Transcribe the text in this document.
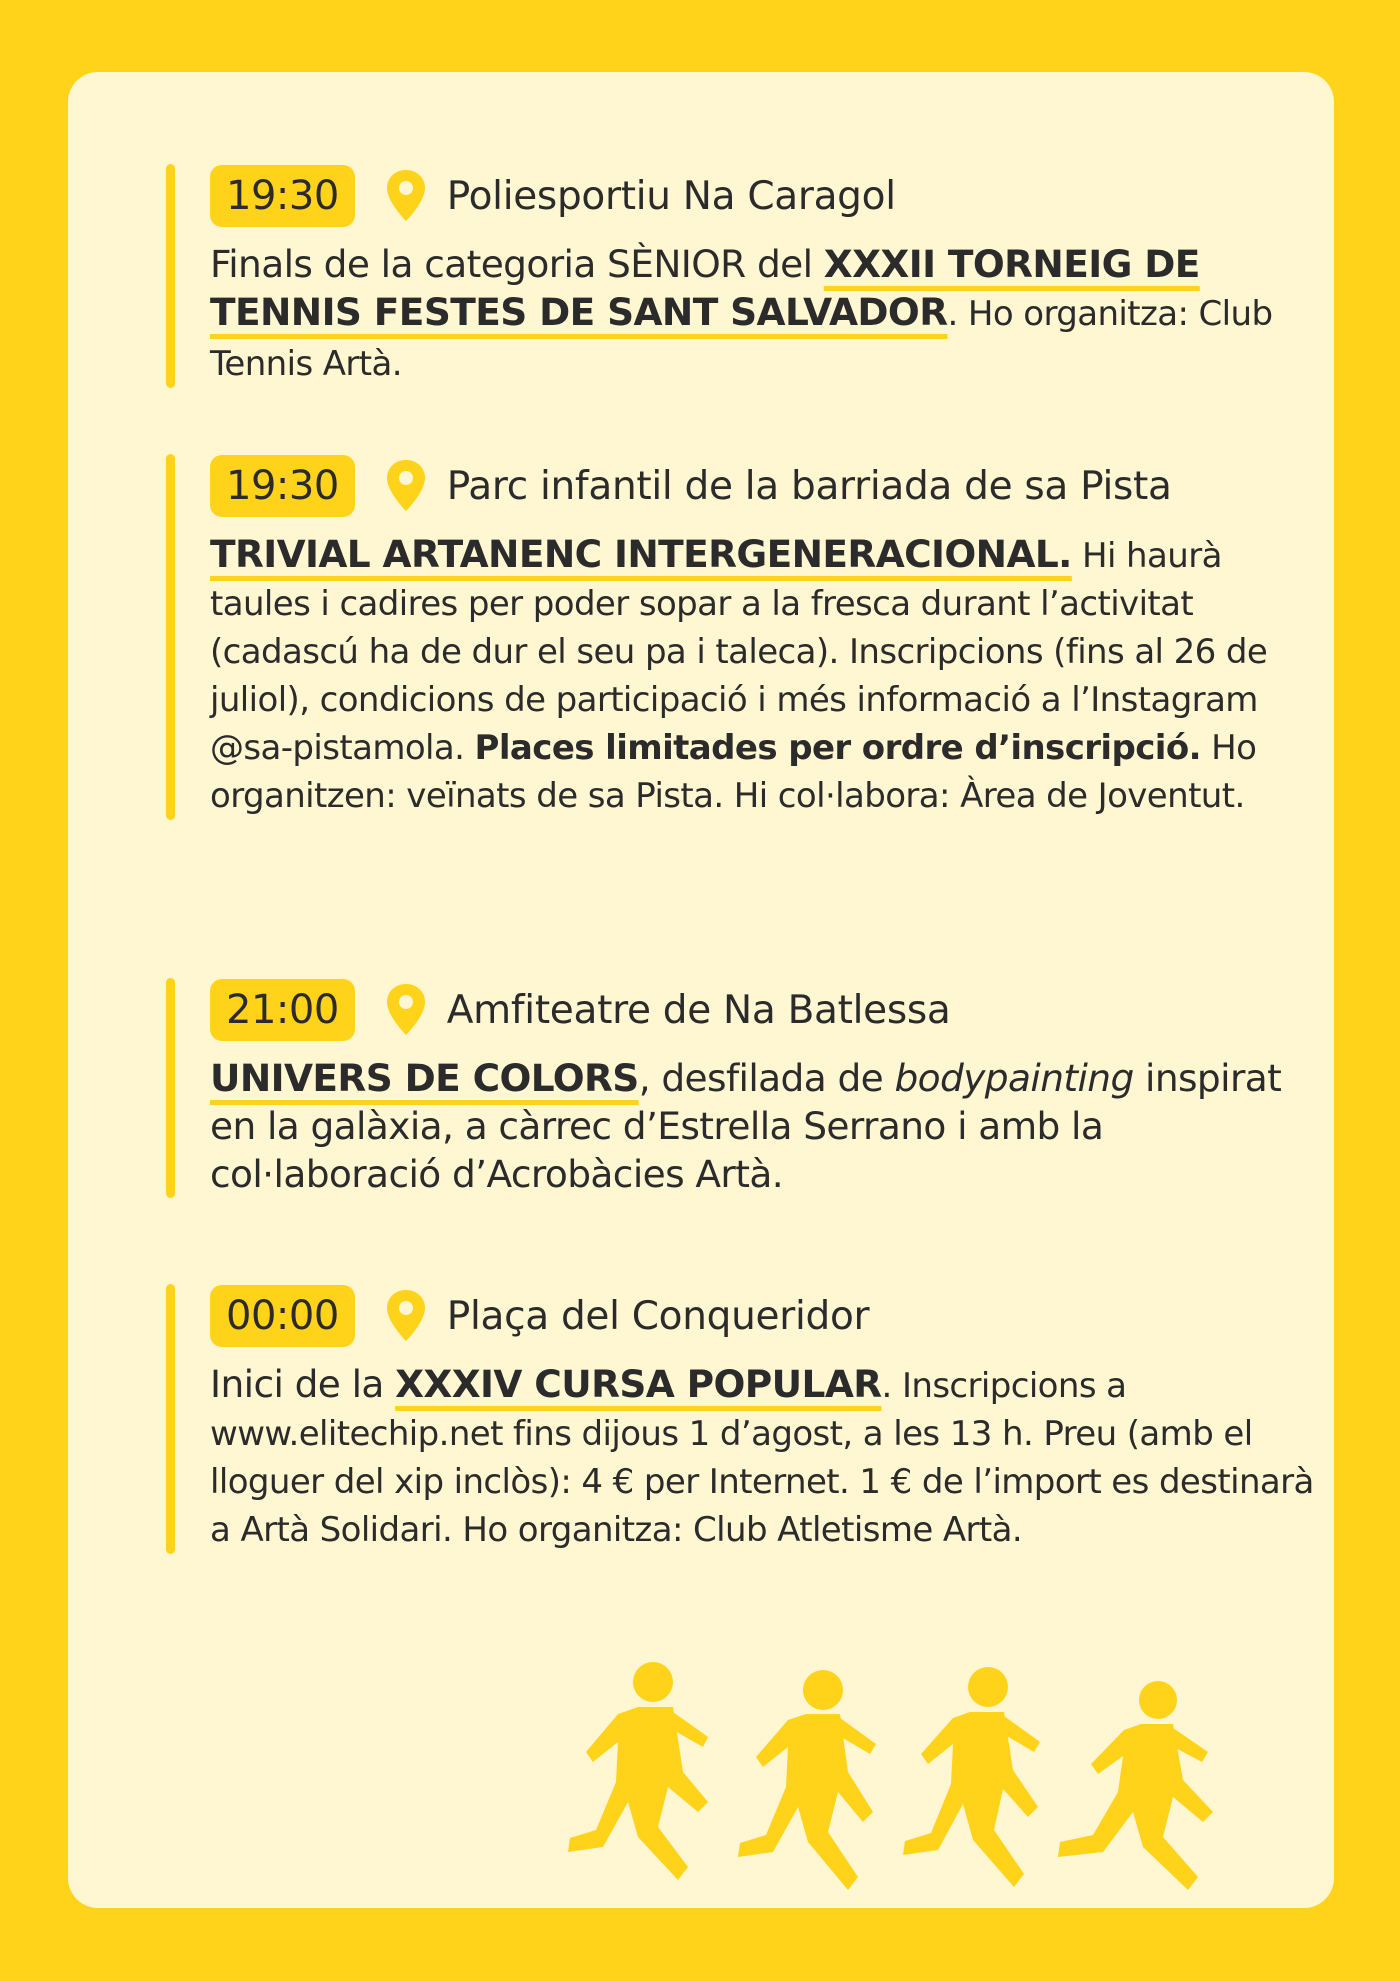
19:30	Poliesportiu Na Caragol
Finals de la categoria SÈNIOR del XXXII TORNEIG DE TENNIS FESTES DE SANT SALVADOR. Ho organitza: Club Tennis Artà.
19:30	Parc infantil de la barriada de sa Pista
TRIVIAL ARTANENC INTERGENERACIONAL. Hi haurà taules i cadires per poder sopar a la fresca durant l’activitat (cadascú ha de dur el seu pa i taleca). Inscripcions (fins al 26 de juliol), condicions de participació i més informació a l’Instagram @sa-pistamola. Places limitades per ordre d’inscripció. Ho organitzen: veïnats de sa Pista. Hi col·labora: Àrea de Joventut.
21:00	Amfiteatre de Na Batlessa
UNIVERS DE COLORS, desfilada de bodypainting inspirat en la galàxia, a càrrec d’Estrella Serrano i amb la col·laboració d’Acrobàcies Artà.
00:00	Plaça del Conqueridor
Inici de la XXXIV CURSA POPULAR. Inscripcions a www.elitechip.net fins dijous 1 d’agost, a les 13 h. Preu (amb el lloguer del xip inclòs): 4 € per Internet. 1 € de l’import es destinarà a Artà Solidari. Ho organitza: Club Atletisme Artà.
